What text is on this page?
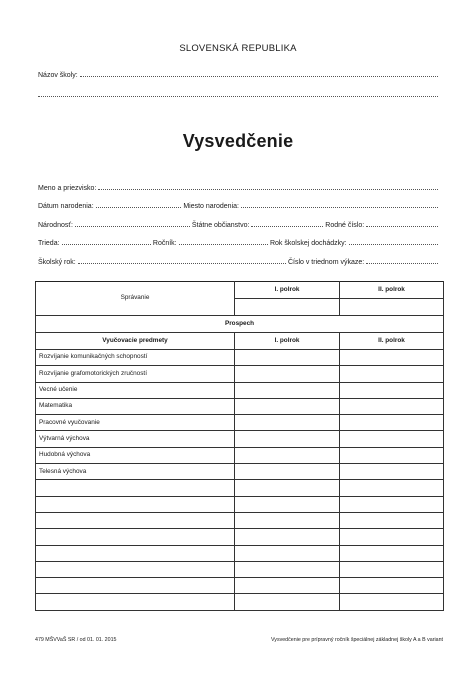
SLOVENSKÁ REPUBLIKA
Názov školy:
Vysvedčenie
Meno a priezvisko:
Dátum narodenia:	Miesto narodenia:
Národnosť:	Štátne občianstvo:	Rodné číslo:
Trieda:	Ročník:	Rok školskej dochádzky:
Školský rok:	Číslo v triednom výkaze:
Správanie	I. polrok	II. polrok

Prospech		
Vyučovacie predmety	I. polrok	II. polrok
Rozvíjanie komunikačných schopností		
Rozvíjanie grafomotorických zručností		
Vecné učenie		
Matematika		
Pracovné vyučovanie		
Výtvarná výchova		
Hudobná výchova		
Telesná výchova		

479 MŠVVaŠ SR / od 01. 01. 2015	Vysvedčenie pre prípravný ročník špeciálnej základnej školy A a B variant
